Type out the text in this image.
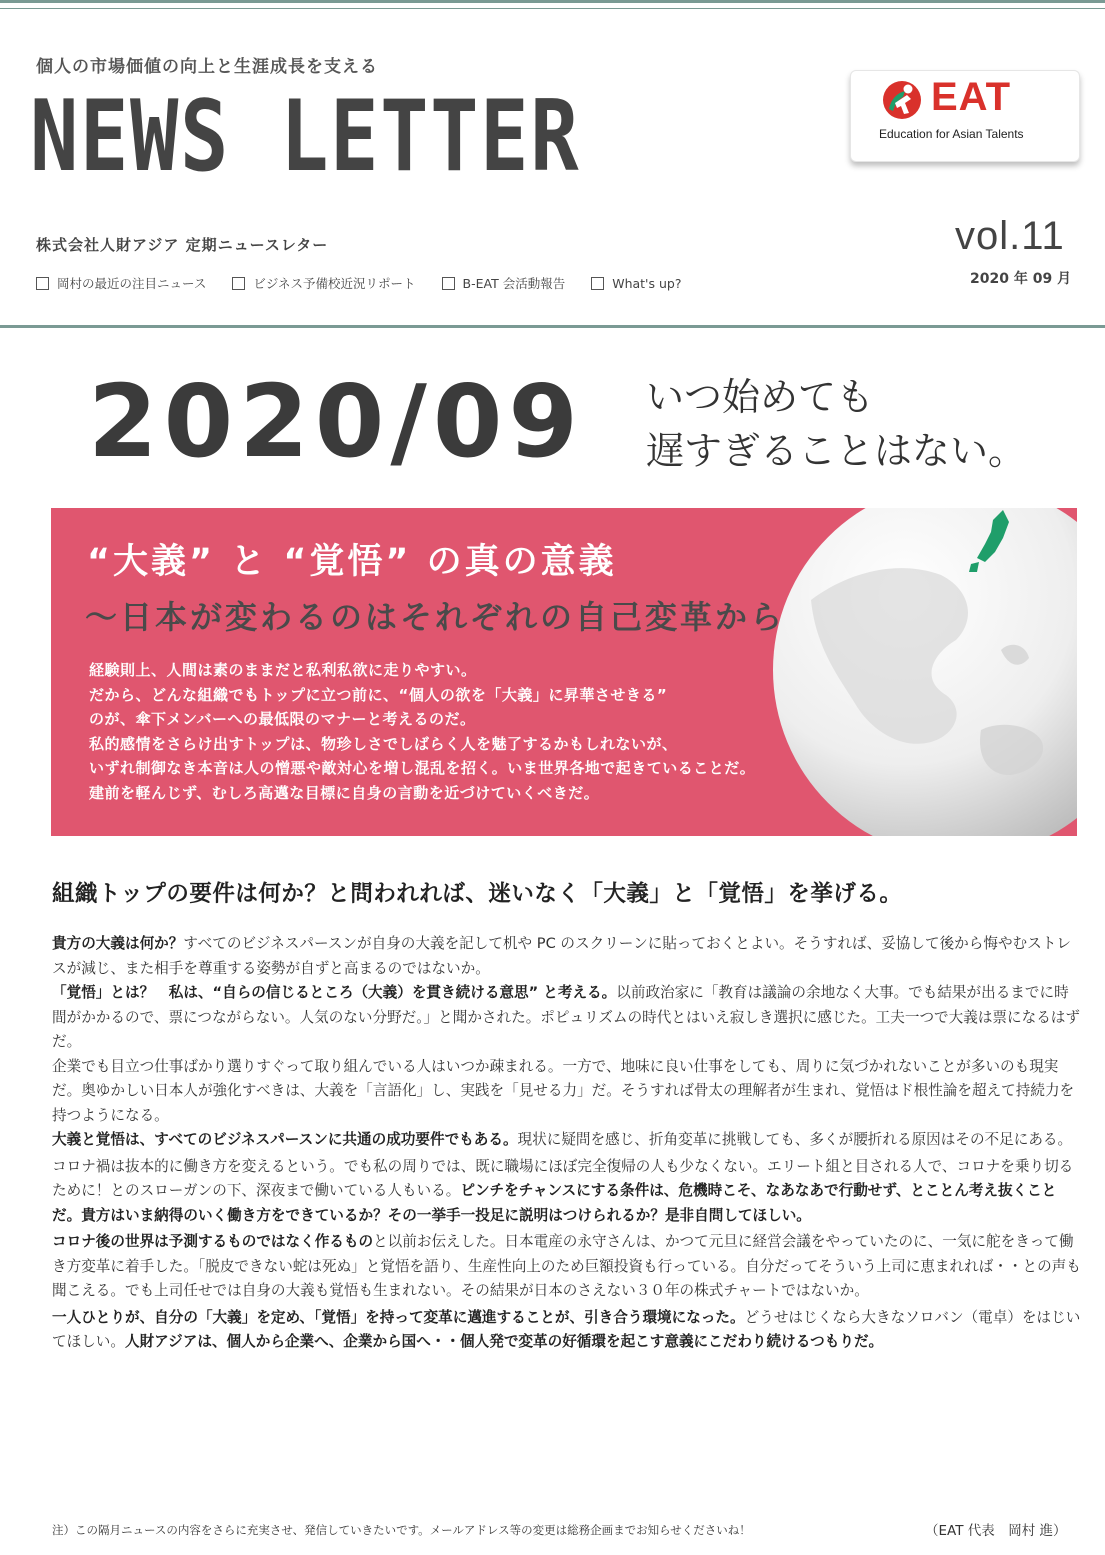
個人の市場価値の向上と生涯成長を支える
NEWS LETTER
株式会社人財アジア 定期ニュースレター
岡村の最近の注目ニュース	ビジネス予備校近況リポート	B-EAT 会活動報告	What's up?
EAT
Education for Asian Talents
vol.11
2020 年 09 月
2020/09 いつ始めても
遅すぎることはない。
“大義” と “覚悟” の真の意義
～日本が変わるのはそれぞれの自己変革から
経験則上、人間は素のままだと私利私欲に走りやすい。
だから、どんな組織でもトップに立つ前に、“個人の欲を「大義」に昇華させきる”
のが、傘下メンバーへの最低限のマナーと考えるのだ。
私的感情をさらけ出すトップは、物珍しさでしばらく人を魅了するかもしれないが、
いずれ制御なき本音は人の憎悪や敵対心を増し混乱を招く。いま世界各地で起きていることだ。
建前を軽んじず、むしろ高邁な目標に自身の言動を近づけていくべきだ。
組織トップの要件は何か？と問われれば、迷いなく「大義」と「覚悟」を挙げる。

貴方の大義は何か？すべてのビジネスパースンが自身の大義を記して机や PC のスクリーンに貼っておくとよい。そうすれば、妥協して後から悔やむストレスが減じ、また相手を尊重する姿勢が自ずと高まるのではないか。

「覚悟」とは？　私は、“自らの信じるところ（大義）を貫き続ける意思” と考える。以前政治家に「教育は議論の余地なく大事。でも結果が出るまでに時間がかかるので、票につながらない。人気のない分野だ。」と聞かされた。ポピュリズムの時代とはいえ寂しき選択に感じた。工夫一つで大義は票になるはずだ。

企業でも目立つ仕事ばかり選りすぐって取り組んでいる人はいつか疎まれる。一方で、地味に良い仕事をしても、周りに気づかれないことが多いのも現実だ。奥ゆかしい日本人が強化すべきは、大義を「言語化」し、実践を「見せる力」だ。そうすれば骨太の理解者が生まれ、覚悟はド根性論を超えて持続力を持つようになる。

大義と覚悟は、すべてのビジネスパースンに共通の成功要件でもある。現状に疑問を感じ、折角変革に挑戦しても、多くが腰折れる原因はその不足にある。

コロナ禍は抜本的に働き方を変えるという。でも私の周りでは、既に職場にほぼ完全復帰の人も少なくない。エリート組と目される人で、コロナを乗り切るために！とのスローガンの下、深夜まで働いている人もいる。ピンチをチャンスにする条件は、危機時こそ、なあなあで行動せず、とことん考え抜くことだ。貴方はいま納得のいく働き方をできているか？その一挙手一投足に説明はつけられるか？是非自問してほしい。

コロナ後の世界は予測するものではなく作るものと以前お伝えした。日本電産の永守さんは、かつて元旦に経営会議をやっていたのに、一気に舵をきって働き方変革に着手した。「脱皮できない蛇は死ぬ」と覚悟を語り、生産性向上のため巨額投資も行っている。自分だってそういう上司に恵まれれば・・との声も聞こえる。でも上司任せでは自身の大義も覚悟も生まれない。その結果が日本のさえない３０年の株式チャートではないか。

一人ひとりが、自分の「大義」を定め、「覚悟」を持って変革に邁進することが、引き合う環境になった。どうせはじくなら大きなソロバン（電卓）をはじいてほしい。人財アジアは、個人から企業へ、企業から国へ・・個人発で変革の好循環を起こす意義にこだわり続けるつもりだ。

注）この隔月ニュースの内容をさらに充実させ、発信していきたいです。メールアドレス等の変更は総務企画までお知らせくださいね！	（EAT 代表　岡村 進）
